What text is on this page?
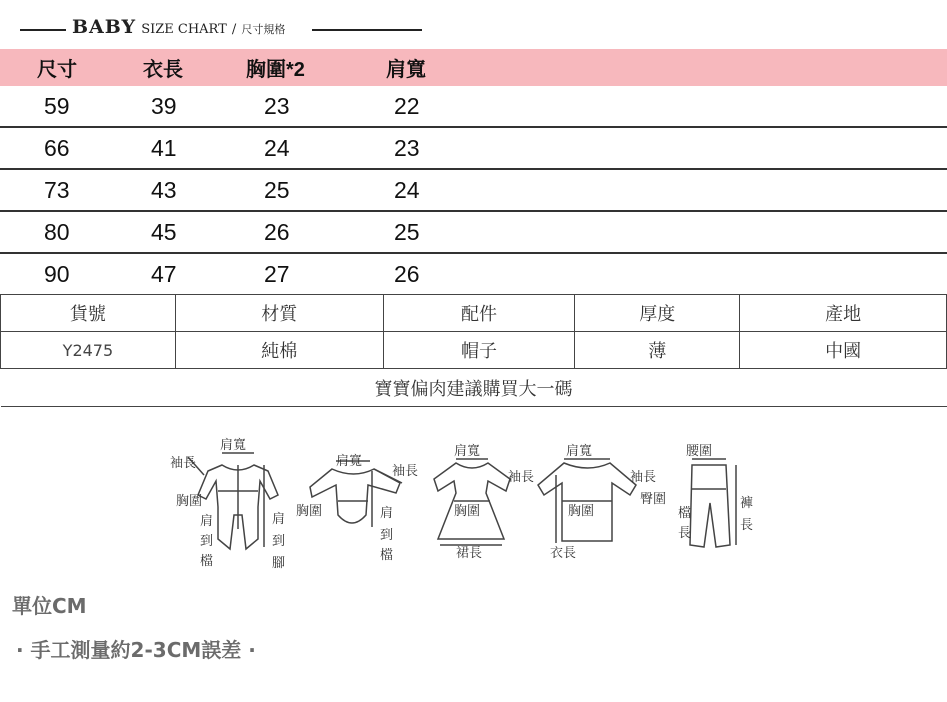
BABY SIZE CHART / 尺寸規格
尺寸	衣長	胸圍*2	肩寬
59	39	23	22
66	41	24	23
73	43	25	24
80	45	26	25
90	47	27	26
貨號	材質	配件	厚度	產地
Y2475	純棉	帽子	薄	中國
寶寶偏肉建議購買大一碼				
肩寬
袖長
胸圍
肩
到
檔
肩
到
腳
肩寬
袖長
胸圍	肩
到
檔
肩寬
袖長
胸圍
裙長
肩寬
袖長
胸圍
衣長
腰圍
臀圍
檔
長
褲
長
單位CM
· 手工測量約2-3CM誤差 ·
